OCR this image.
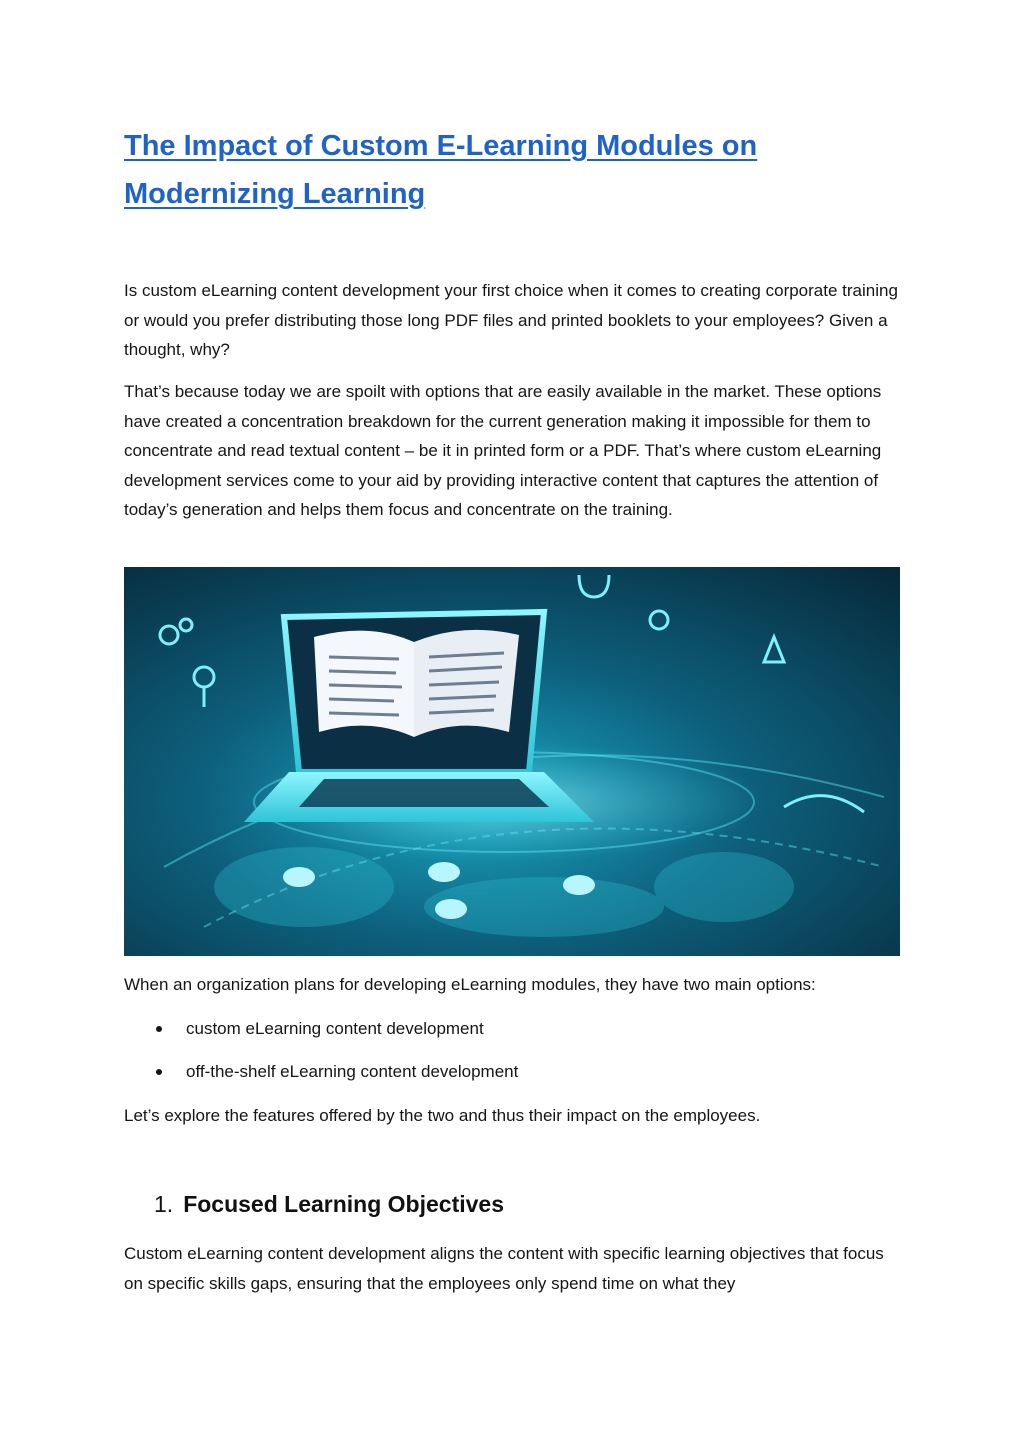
The Impact of Custom E-Learning Modules on Modernizing Learning

Is custom eLearning content development your first choice when it comes to creating corporate training or would you prefer distributing those long PDF files and printed booklets to your employees? Given a thought, why?

That’s because today we are spoilt with options that are easily available in the market. These options have created a concentration breakdown for the current generation making it impossible for them to concentrate and read textual content – be it in printed form or a PDF. That’s where custom eLearning development services come to your aid by providing interactive content that captures the attention of today’s generation and helps them focus and concentrate on the training.

When an organization plans for developing eLearning modules, they have two main options:

custom eLearning content development
off-the-shelf eLearning content development

Let’s explore the features offered by the two and thus their impact on the employees.

1. Focused Learning Objectives

Custom eLearning content development aligns the content with specific learning objectives that focus on specific skills gaps, ensuring that the employees only spend time on what they
